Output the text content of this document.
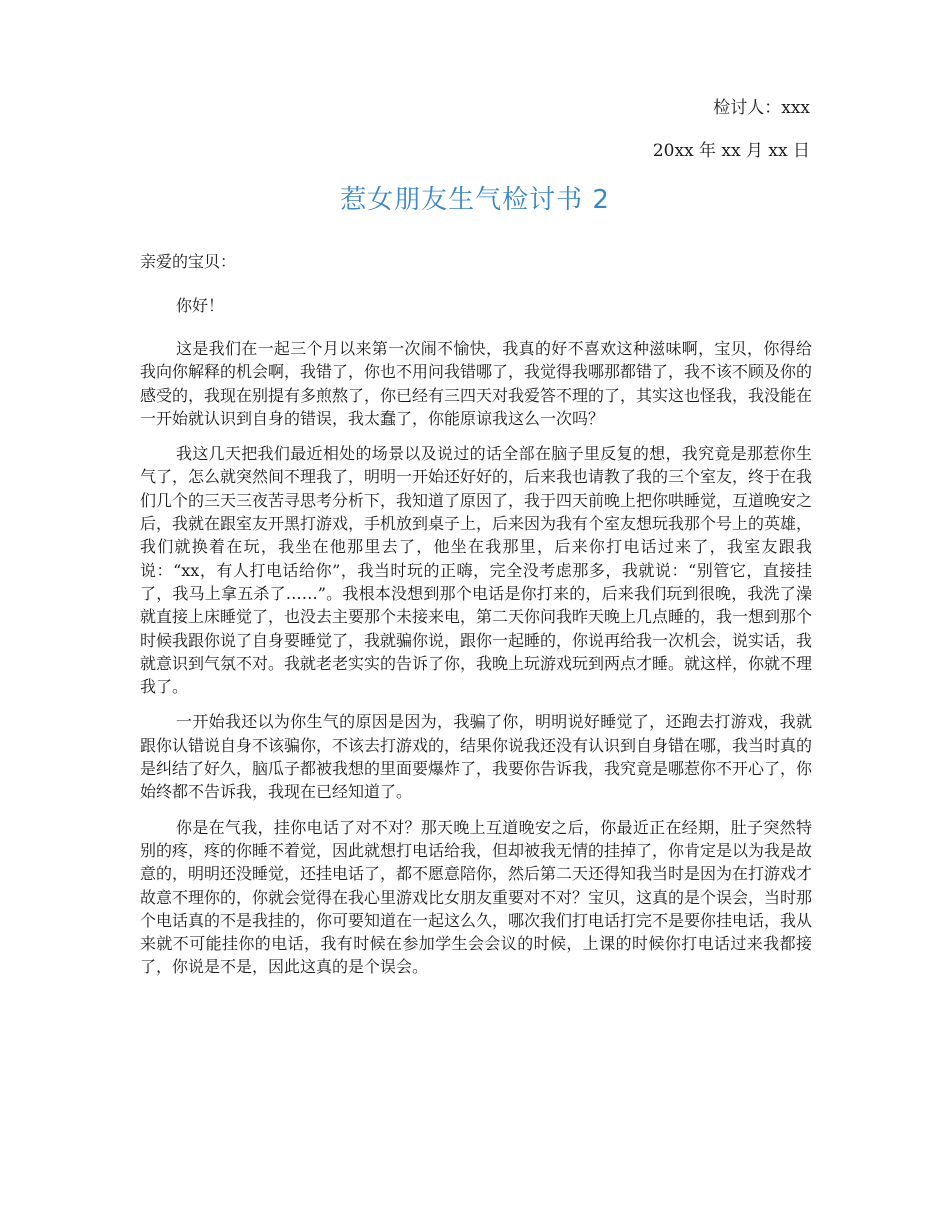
检讨人：xxx
20xx 年 xx 月 xx 日
惹女朋友生气检讨书 2
亲爱的宝贝：
你好！

这是我们在一起三个月以来第一次闹不愉快，我真的好不喜欢这种滋味啊，宝贝，你得给我向你解释的机会啊，我错了，你也不用问我错哪了，我觉得我哪那都错了，我不该不顾及你的感受的，我现在别提有多煎熬了，你已经有三四天对我爱答不理的了，其实这也怪我，我没能在一开始就认识到自身的错误，我太蠢了，你能原谅我这么一次吗？

我这几天把我们最近相处的场景以及说过的话全部在脑子里反复的想，我究竟是那惹你生气了，怎么就突然间不理我了，明明一开始还好好的，后来我也请教了我的三个室友，终于在我们几个的三天三夜苦寻思考分析下，我知道了原因了，我于四天前晚上把你哄睡觉，互道晚安之后，我就在跟室友开黑打游戏，手机放到桌子上，后来因为我有个室友想玩我那个号上的英雄，我们就换着在玩，我坐在他那里去了，他坐在我那里，后来你打电话过来了，我室友跟我说：“xx，有人打电话给你”，我当时玩的正嗨，完全没考虑那多，我就说：“别管它，直接挂了，我马上拿五杀了……”。我根本没想到那个电话是你打来的，后来我们玩到很晚，我洗了澡就直接上床睡觉了，也没去主要那个未接来电，第二天你问我昨天晚上几点睡的，我一想到那个时候我跟你说了自身要睡觉了，我就骗你说，跟你一起睡的，你说再给我一次机会，说实话，我就意识到气氛不对。我就老老实实的告诉了你，我晚上玩游戏玩到两点才睡。就这样，你就不理我了。

一开始我还以为你生气的原因是因为，我骗了你，明明说好睡觉了，还跑去打游戏，我就跟你认错说自身不该骗你，不该去打游戏的，结果你说我还没有认识到自身错在哪，我当时真的是纠结了好久，脑瓜子都被我想的里面要爆炸了，我要你告诉我，我究竟是哪惹你不开心了，你始终都不告诉我，我现在已经知道了。

你是在气我，挂你电话了对不对？那天晚上互道晚安之后，你最近正在经期，肚子突然特别的疼，疼的你睡不着觉，因此就想打电话给我，但却被我无情的挂掉了，你肯定是以为我是故意的，明明还没睡觉，还挂电话了，都不愿意陪你，然后第二天还得知我当时是因为在打游戏才故意不理你的，你就会觉得在我心里游戏比女朋友重要对不对？宝贝，这真的是个误会，当时那个电话真的不是我挂的，你可要知道在一起这么久，哪次我们打电话打完不是要你挂电话，我从来就不可能挂你的电话，我有时候在参加学生会会议的时候，上课的时候你打电话过来我都接了，你说是不是，因此这真的是个误会。
